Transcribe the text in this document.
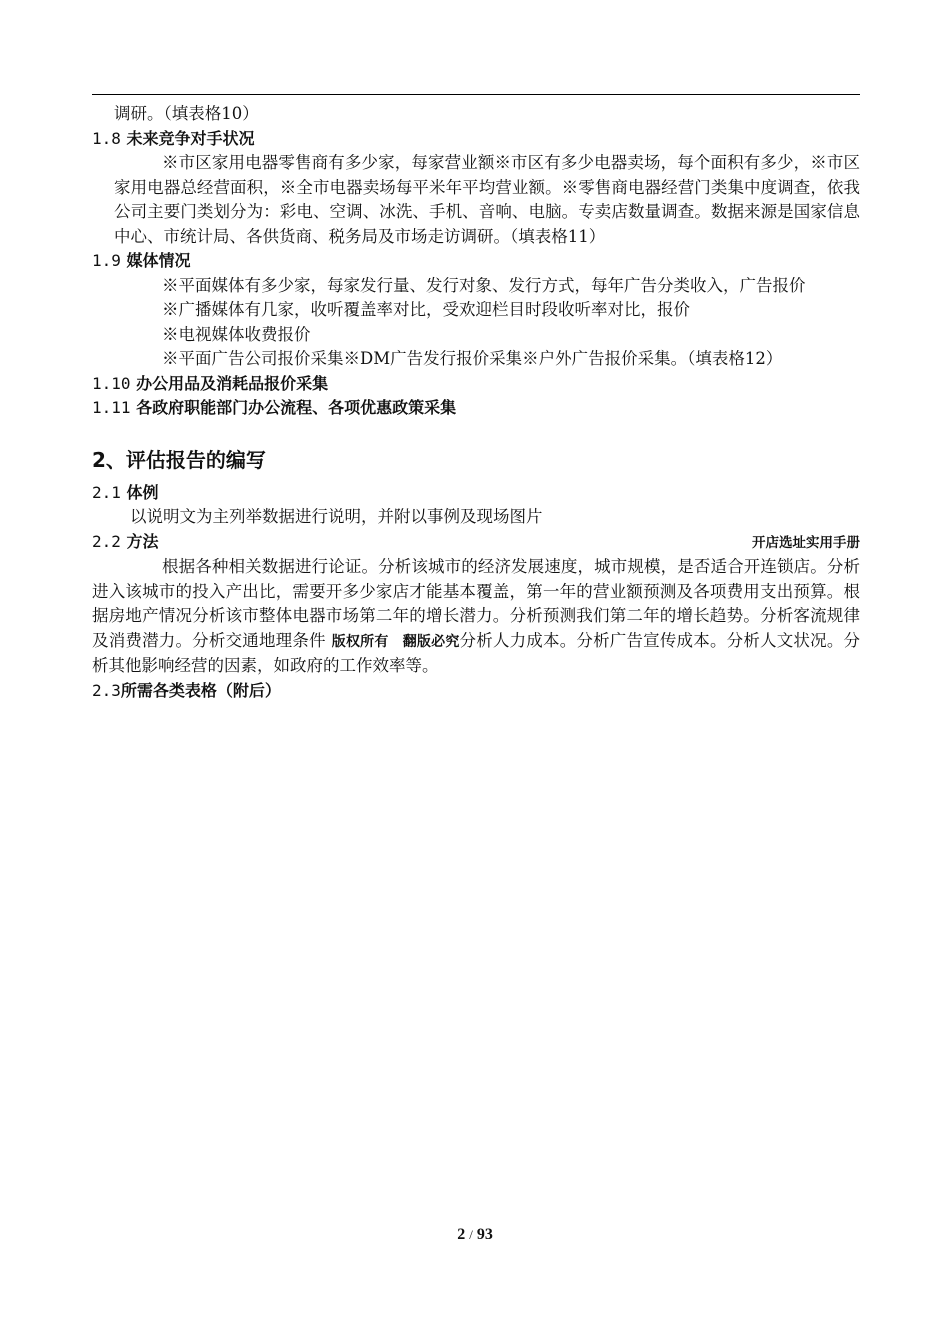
调研。（填表格10）
1.8 未来竞争对手状况
※市区家用电器零售商有多少家，每家营业额※市区有多少电器卖场，每个面积有多少，※市区家用电器总经营面积，※全市电器卖场每平米年平均营业额。※零售商电器经营门类集中度调查，依我公司主要门类划分为：彩电、空调、冰洗、手机、音响、电脑。专卖店数量调查。数据来源是国家信息中心、市统计局、各供货商、税务局及市场走访调研。（填表格11）
1.9 媒体情况
※平面媒体有多少家，每家发行量、发行对象、发行方式，每年广告分类收入，广告报价
※广播媒体有几家，收听覆盖率对比，受欢迎栏目时段收听率对比，报价
※电视媒体收费报价
※平面广告公司报价采集※DM广告发行报价采集※户外广告报价采集。（填表格12）
1.10 办公用品及消耗品报价采集
1.11 各政府职能部门办公流程、各项优惠政策采集
2、评估报告的编写
2.1 体例
以说明文为主列举数据进行说明，并附以事例及现场图片
2.2 方法	开店选址实用手册
根据各种相关数据进行论证。分析该城市的经济发展速度，城市规模，是否适合开连锁店。分析进入该城市的投入产出比，需要开多少家店才能基本覆盖，第一年的营业额预测及各项费用支出预算。根据房地产情况分析该市整体电器市场第二年的增长潜力。分析预测我们第二年的增长趋势。分析客流规律及消费潜力。分析交通地理条件 版权所有　翻版必究分析人力成本。分析广告宣传成本。分析人文状况。分析其他影响经营的因素，如政府的工作效率等。
2.3所需各类表格（附后）
2 / 93
